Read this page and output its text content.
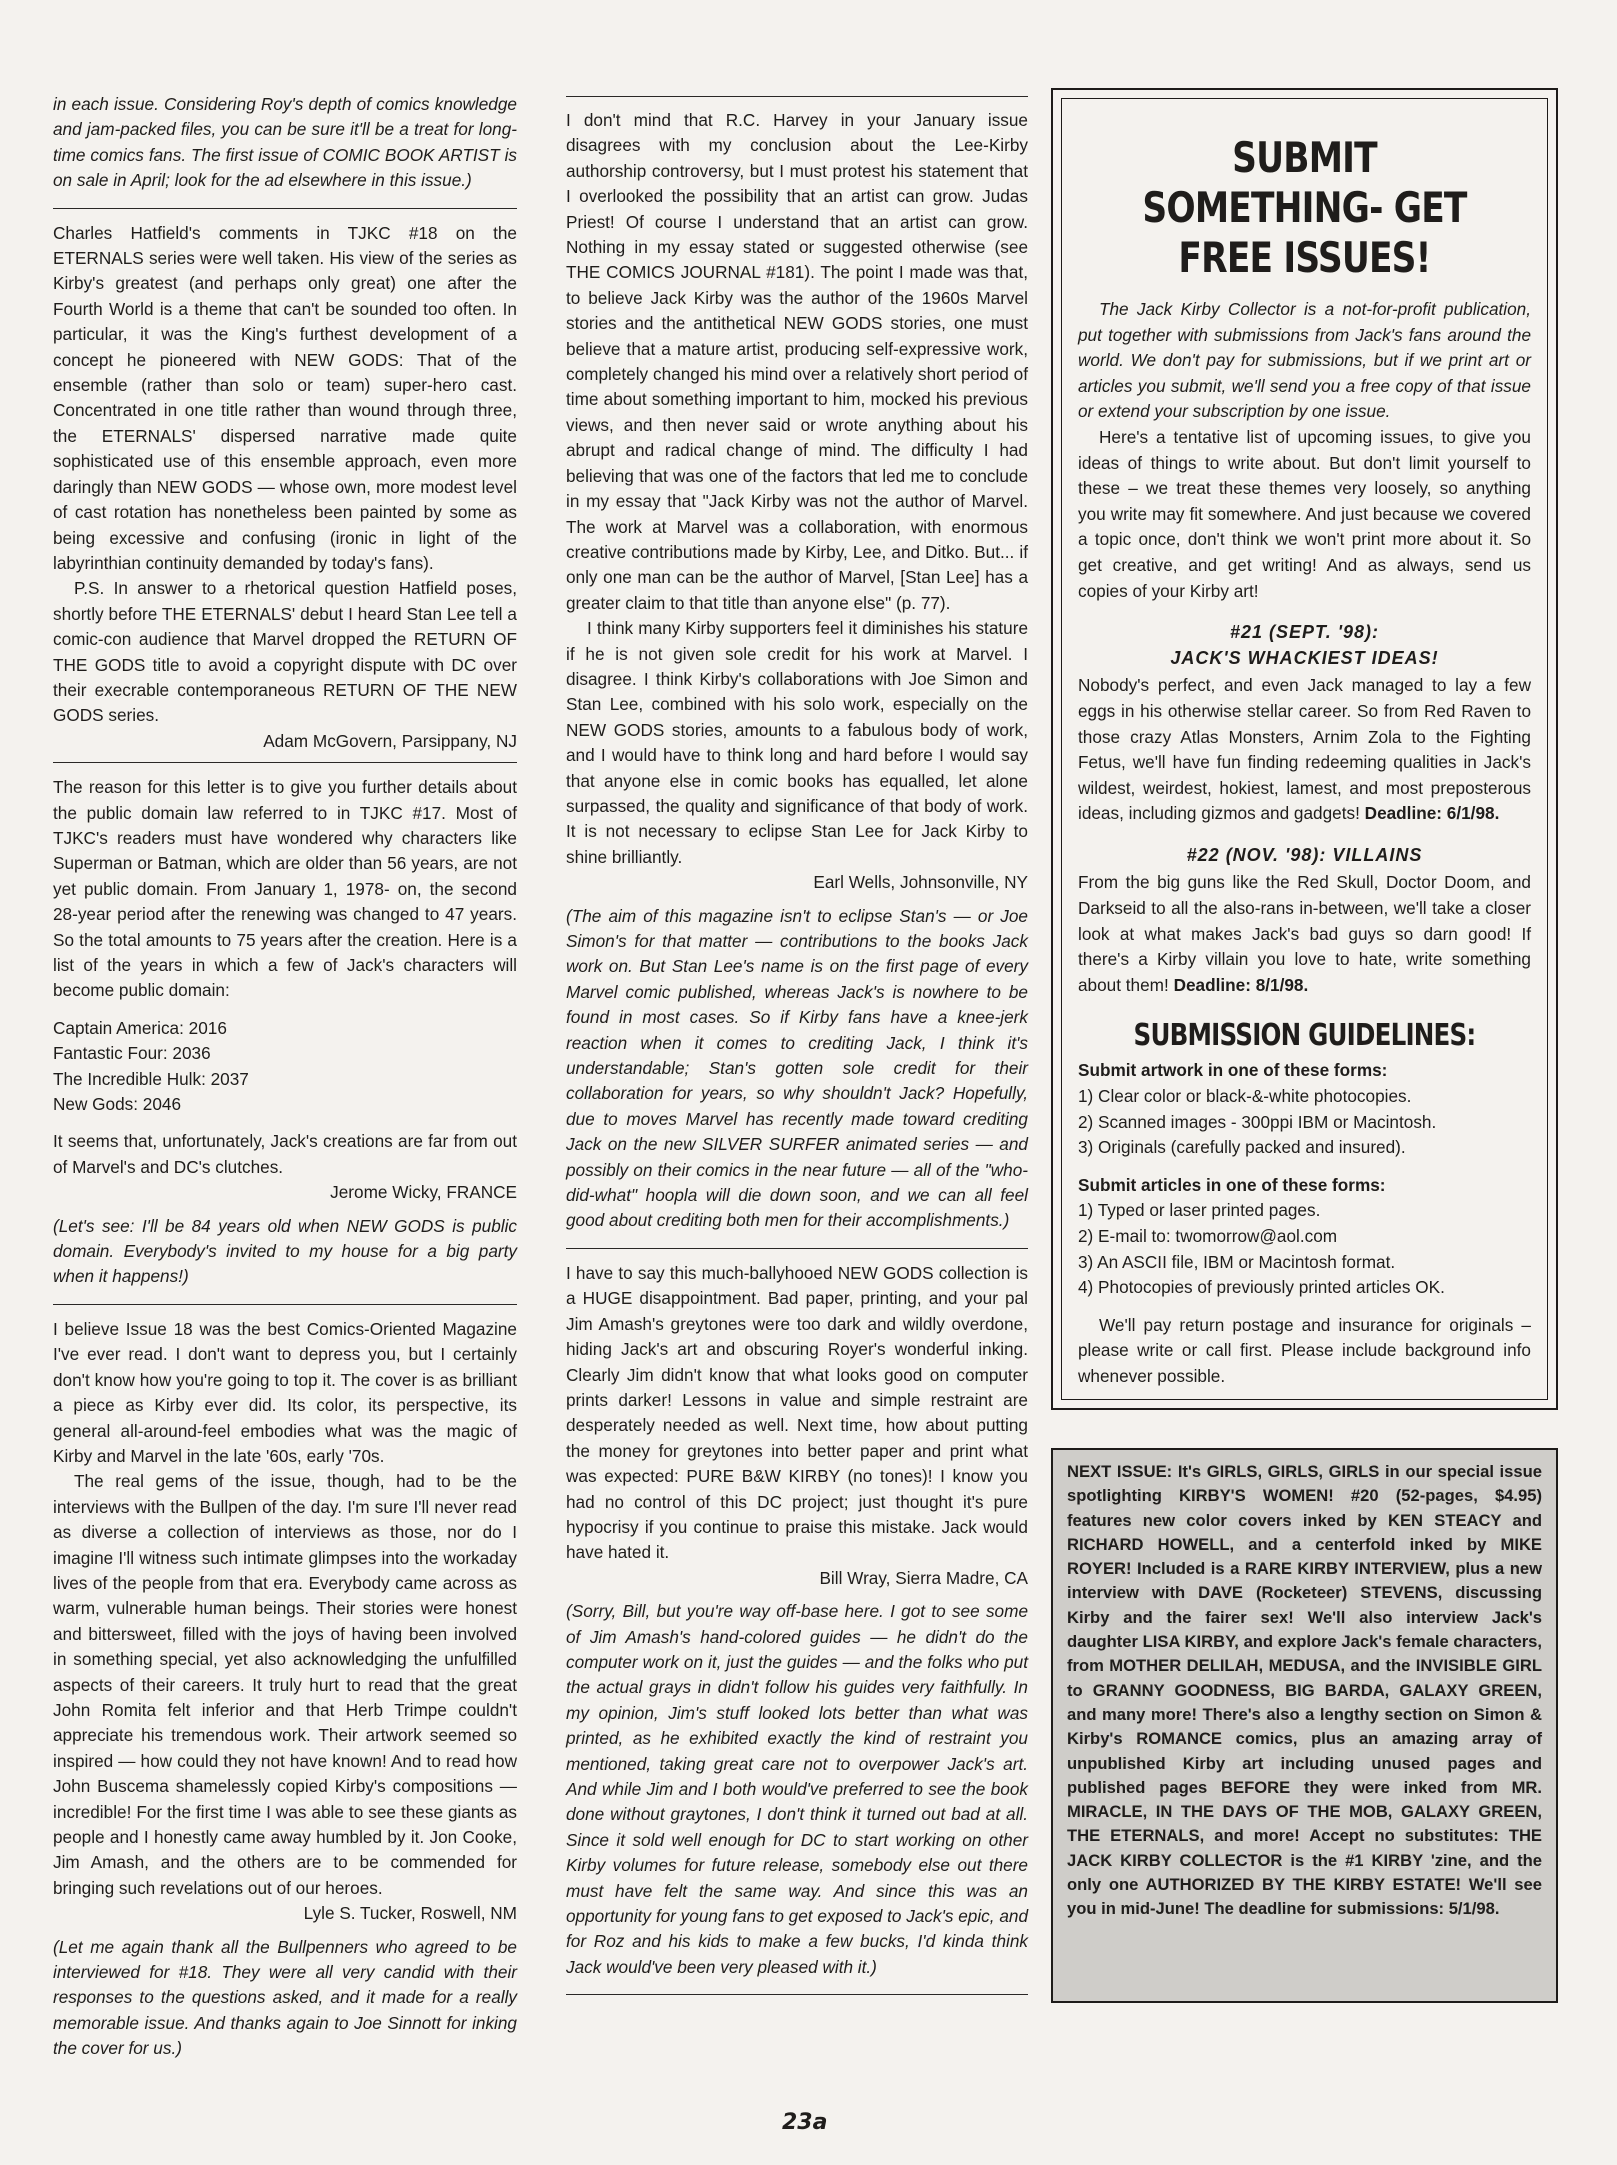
in each issue. Considering Roy's depth of comics knowledge and jam-packed files, you can be sure it'll be a treat for long-time comics fans. The first issue of COMIC BOOK ARTIST is on sale in April; look for the ad elsewhere in this issue.)

Charles Hatfield's comments in TJKC #18 on the ETERNALS series were well taken. His view of the series as Kirby's greatest (and perhaps only great) one after the Fourth World is a theme that can't be sounded too often. In particular, it was the King's furthest development of a concept he pioneered with NEW GODS: That of the ensemble (rather than solo or team) super-hero cast. Concentrated in one title rather than wound through three, the ETERNALS' dispersed narrative made quite sophisticated use of this ensemble approach, even more daringly than NEW GODS — whose own, more modest level of cast rotation has nonetheless been painted by some as being excessive and confusing (ironic in light of the labyrinthian continuity demanded by today's fans).

P.S. In answer to a rhetorical question Hatfield poses, shortly before THE ETERNALS' debut I heard Stan Lee tell a comic-con audience that Marvel dropped the RETURN OF THE GODS title to avoid a copyright dispute with DC over their execrable contemporaneous RETURN OF THE NEW GODS series.

Adam McGovern, Parsippany, NJ

The reason for this letter is to give you further details about the public domain law referred to in TJKC #17. Most of TJKC's readers must have wondered why characters like Superman or Batman, which are older than 56 years, are not yet public domain. From January 1, 1978- on, the second 28-year period after the renewing was changed to 47 years. So the total amounts to 75 years after the creation. Here is a list of the years in which a few of Jack's characters will become public domain:

Captain America: 2016

Fantastic Four: 2036

The Incredible Hulk: 2037

New Gods: 2046

It seems that, unfortunately, Jack's creations are far from out of Marvel's and DC's clutches.

Jerome Wicky, FRANCE

(Let's see: I'll be 84 years old when NEW GODS is public domain. Everybody's invited to my house for a big party when it happens!)

I believe Issue 18 was the best Comics-Oriented Magazine I've ever read. I don't want to depress you, but I certainly don't know how you're going to top it. The cover is as brilliant a piece as Kirby ever did. Its color, its perspective, its general all-around-feel embodies what was the magic of Kirby and Marvel in the late '60s, early '70s.

The real gems of the issue, though, had to be the interviews with the Bullpen of the day. I'm sure I'll never read as diverse a collection of interviews as those, nor do I imagine I'll witness such intimate glimpses into the workaday lives of the people from that era. Everybody came across as warm, vulnerable human beings. Their stories were honest and bittersweet, filled with the joys of having been involved in something special, yet also acknowledging the unfulfilled aspects of their careers. It truly hurt to read that the great John Romita felt inferior and that Herb Trimpe couldn't appreciate his tremendous work. Their artwork seemed so inspired — how could they not have known! And to read how John Buscema shamelessly copied Kirby's compositions — incredible! For the first time I was able to see these giants as people and I honestly came away humbled by it. Jon Cooke, Jim Amash, and the others are to be commended for bringing such revelations out of our heroes.

Lyle S. Tucker, Roswell, NM

(Let me again thank all the Bullpenners who agreed to be interviewed for #18. They were all very candid with their responses to the questions asked, and it made for a really memorable issue. And thanks again to Joe Sinnott for inking the cover for us.)

I don't mind that R.C. Harvey in your January issue disagrees with my conclusion about the Lee-Kirby authorship controversy, but I must protest his statement that I overlooked the possibility that an artist can grow. Judas Priest! Of course I understand that an artist can grow. Nothing in my essay stated or suggested otherwise (see THE COMICS JOURNAL #181). The point I made was that, to believe Jack Kirby was the author of the 1960s Marvel stories and the antithetical NEW GODS stories, one must believe that a mature artist, producing self-expressive work, completely changed his mind over a relatively short period of time about something important to him, mocked his previous views, and then never said or wrote anything about his abrupt and radical change of mind. The difficulty I had believing that was one of the factors that led me to conclude in my essay that "Jack Kirby was not the author of Marvel. The work at Marvel was a collaboration, with enormous creative contributions made by Kirby, Lee, and Ditko. But... if only one man can be the author of Marvel, [Stan Lee] has a greater claim to that title than anyone else" (p. 77).

I think many Kirby supporters feel it diminishes his stature if he is not given sole credit for his work at Marvel. I disagree. I think Kirby's collaborations with Joe Simon and Stan Lee, combined with his solo work, especially on the NEW GODS stories, amounts to a fabulous body of work, and I would have to think long and hard before I would say that anyone else in comic books has equalled, let alone surpassed, the quality and significance of that body of work. It is not necessary to eclipse Stan Lee for Jack Kirby to shine brilliantly.

Earl Wells, Johnsonville, NY

(The aim of this magazine isn't to eclipse Stan's — or Joe Simon's for that matter — contributions to the books Jack work on. But Stan Lee's name is on the first page of every Marvel comic published, whereas Jack's is nowhere to be found in most cases. So if Kirby fans have a knee-jerk reaction when it comes to crediting Jack, I think it's understandable; Stan's gotten sole credit for their collaboration for years, so why shouldn't Jack? Hopefully, due to moves Marvel has recently made toward crediting Jack on the new SILVER SURFER animated series — and possibly on their comics in the near future — all of the "who-did-what" hoopla will die down soon, and we can all feel good about crediting both men for their accomplishments.)

I have to say this much-ballyhooed NEW GODS collection is a HUGE disappointment. Bad paper, printing, and your pal Jim Amash's greytones were too dark and wildly overdone, hiding Jack's art and obscuring Royer's wonderful inking. Clearly Jim didn't know that what looks good on computer prints darker! Lessons in value and simple restraint are desperately needed as well. Next time, how about putting the money for greytones into better paper and print what was expected: PURE B&W KIRBY (no tones)! I know you had no control of this DC project; just thought it's pure hypocrisy if you continue to praise this mistake. Jack would have hated it.

Bill Wray, Sierra Madre, CA

(Sorry, Bill, but you're way off-base here. I got to see some of Jim Amash's hand-colored guides — he didn't do the computer work on it, just the guides — and the folks who put the actual grays in didn't follow his guides very faithfully. In my opinion, Jim's stuff looked lots better than what was printed, as he exhibited exactly the kind of restraint you mentioned, taking great care not to overpower Jack's art. And while Jim and I both would've preferred to see the book done without graytones, I don't think it turned out bad at all. Since it sold well enough for DC to start working on other Kirby volumes for future release, somebody else out there must have felt the same way. And since this was an opportunity for young fans to get exposed to Jack's epic, and for Roz and his kids to make a few bucks, I'd kinda think Jack would've been very pleased with it.)

SUBMIT SOMETHING- GET FREE ISSUES!

The Jack Kirby Collector is a not-for-profit publication, put together with submissions from Jack's fans around the world. We don't pay for submissions, but if we print art or articles you submit, we'll send you a free copy of that issue or extend your subscription by one issue.

Here's a tentative list of upcoming issues, to give you ideas of things to write about. But don't limit yourself to these – we treat these themes very loosely, so anything you write may fit somewhere. And just because we covered a topic once, don't think we won't print more about it. So get creative, and get writing! And as always, send us copies of your Kirby art!

#21 (SEPT. '98):
JACK'S WHACKIEST IDEAS!

Nobody's perfect, and even Jack managed to lay a few eggs in his otherwise stellar career. So from Red Raven to those crazy Atlas Monsters, Arnim Zola to the Fighting Fetus, we'll have fun finding redeeming qualities in Jack's wildest, weirdest, hokiest, lamest, and most preposterous ideas, including gizmos and gadgets! Deadline: 6/1/98.

#22 (NOV. '98): VILLAINS

From the big guns like the Red Skull, Doctor Doom, and Darkseid to all the also-rans in-between, we'll take a closer look at what makes Jack's bad guys so darn good! If there's a Kirby villain you love to hate, write something about them! Deadline: 8/1/98.

SUBMISSION GUIDELINES:

Submit artwork in one of these forms:

1) Clear color or black-&-white photocopies.

2) Scanned images - 300ppi IBM or Macintosh.

3) Originals (carefully packed and insured).

Submit articles in one of these forms:

1) Typed or laser printed pages.

2) E-mail to: twomorrow@aol.com

3) An ASCII file, IBM or Macintosh format.

4) Photocopies of previously printed articles OK.

We'll pay return postage and insurance for originals – please write or call first. Please include background info whenever possible.

NEXT ISSUE: It's GIRLS, GIRLS, GIRLS in our special issue spotlighting KIRBY'S WOMEN! #20 (52-pages, $4.95) features new color covers inked by KEN STEACY and RICHARD HOWELL, and a centerfold inked by MIKE ROYER! Included is a RARE KIRBY INTERVIEW, plus a new interview with DAVE (Rocketeer) STEVENS, discussing Kirby and the fairer sex! We'll also interview Jack's daughter LISA KIRBY, and explore Jack's female characters, from MOTHER DELILAH, MEDUSA, and the INVISIBLE GIRL to GRANNY GOODNESS, BIG BARDA, GALAXY GREEN, and many more! There's also a lengthy section on Simon & Kirby's ROMANCE comics, plus an amazing array of unpublished Kirby art including unused pages and published pages BEFORE they were inked from MR. MIRACLE, IN THE DAYS OF THE MOB, GALAXY GREEN, THE ETERNALS, and more! Accept no substitutes: THE JACK KIRBY COLLECTOR is the #1 KIRBY 'zine, and the only one AUTHORIZED BY THE KIRBY ESTATE! We'll see you in mid-June! The deadline for submissions: 5/1/98.

23a
